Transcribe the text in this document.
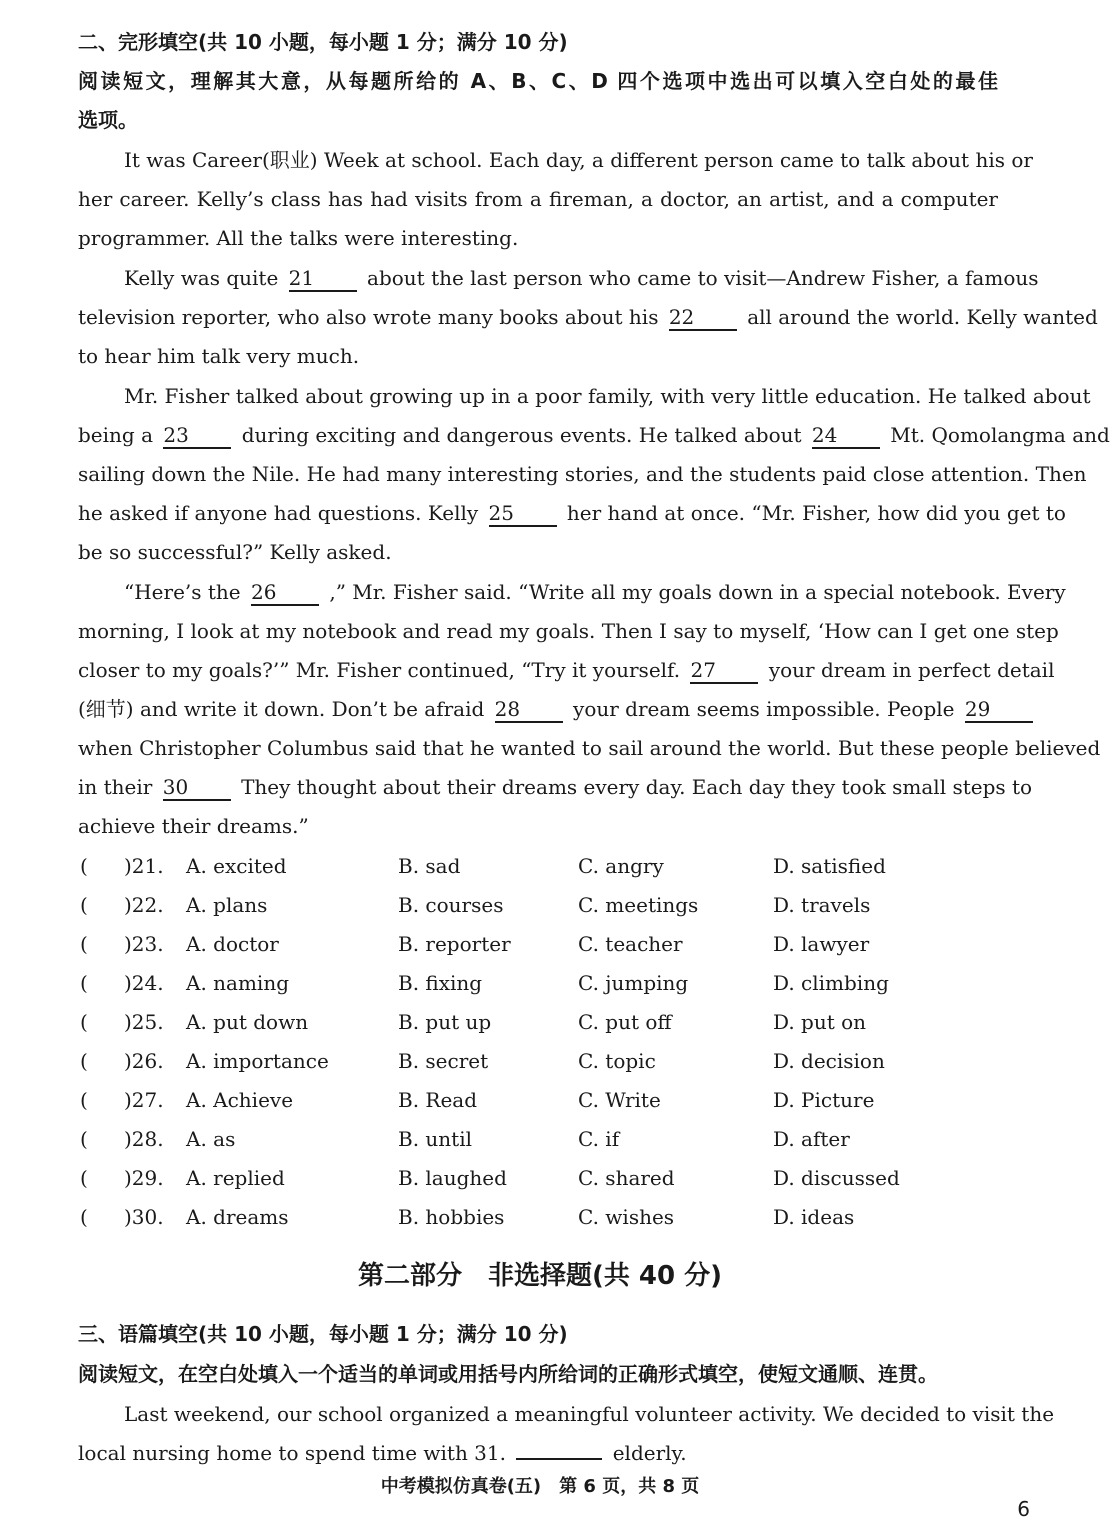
二、完形填空(共 10 小题，每小题 1 分；满分 10 分)
阅读短文，理解其大意，从每题所给的 A、B、C、D 四个选项中选出可以填入空白处的最佳
选项。
It was Career(职业) Week at school. Each day, a different person came to talk about his or
her career. Kelly’s class has had visits from a fireman, a doctor, an artist, and a computer
programmer. All the talks were interesting.
Kelly was quite 21	about the last person who came to visit—Andrew Fisher, a famous
television reporter, who also wrote many books about his 22	all around the world. Kelly wanted
to hear him talk very much.
Mr. Fisher talked about growing up in a poor family, with very little education. He talked about
being a 23	during exciting and dangerous events. He talked about 24	Mt. Qomolangma and
sailing down the Nile. He had many interesting stories, and the students paid close attention. Then
he asked if anyone had questions. Kelly 25	her hand at once. “Mr. Fisher, how did you get to
be so successful?” Kelly asked.
“Here’s the 26	,” Mr. Fisher said. “Write all my goals down in a special notebook. Every
morning, I look at my notebook and read my goals. Then I say to myself, ‘How can I get one step
closer to my goals?’” Mr. Fisher continued, “Try it yourself. 27	your dream in perfect detail
(细节) and write it down. Don’t be afraid 28	your dream seems impossible. People 29
when Christopher Columbus said that he wanted to sail around the world. But these people believed
in their 30	They thought about their dreams every day. Each day they took small steps to
achieve their dreams.”
( )21. A. excited	B. sad	C. angry	D. satisfied
( )22. A. plans	B. courses	C. meetings	D. travels
( )23. A. doctor	B. reporter	C. teacher	D. lawyer
( )24. A. naming	B. fixing	C. jumping	D. climbing
( )25. A. put down	B. put up	C. put off	D. put on
( )26. A. importance	B. secret	C. topic	D. decision
( )27. A. Achieve	B. Read	C. Write	D. Picture
( )28. A. as	B. until	C. if	D. after
( )29. A. replied	B. laughed	C. shared	D. discussed
( )30. A. dreams	B. hobbies	C. wishes	D. ideas
第二部分　非选择题(共 40 分)
三、语篇填空(共 10 小题，每小题 1 分；满分 10 分)
阅读短文，在空白处填入一个适当的单词或用括号内所给词的正确形式填空，使短文通顺、连贯。
Last weekend, our school organized a meaningful volunteer activity. We decided to visit the
local nursing home to spend time with 31.	elderly.
中考模拟仿真卷(五)　第 6 页，共 8 页
6
